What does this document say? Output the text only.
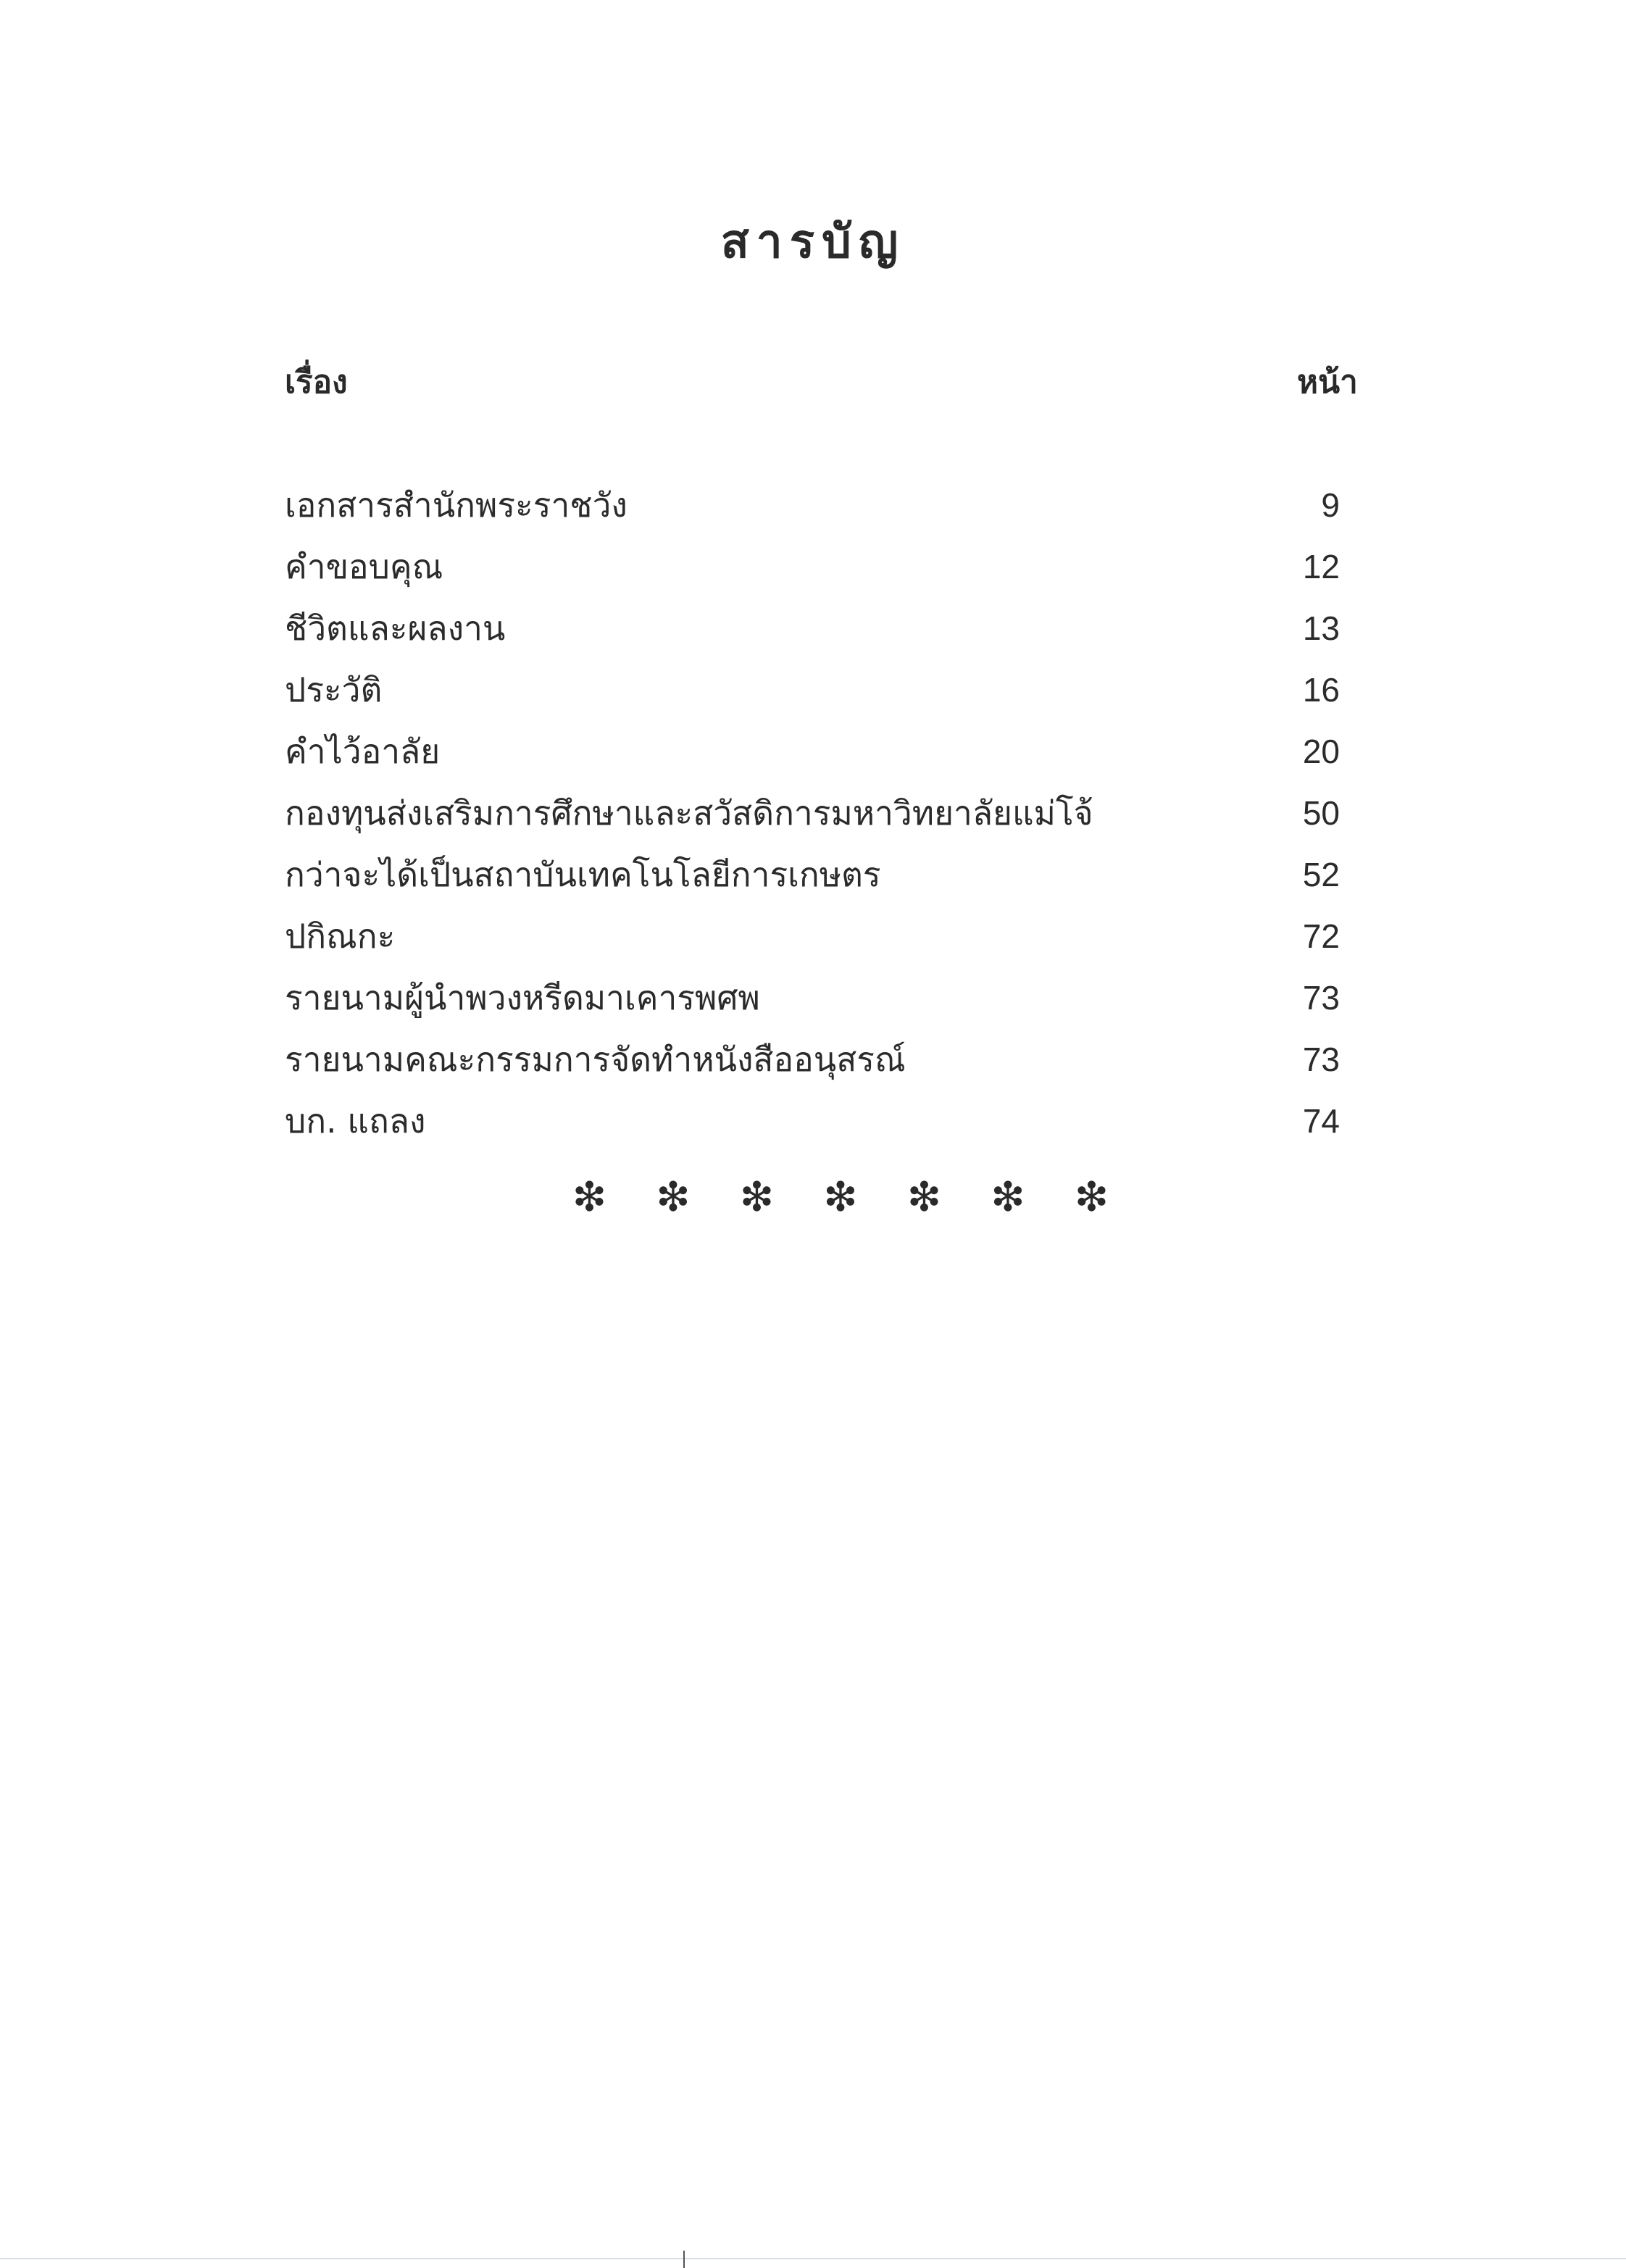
สารบัญ
เรื่อง	หน้า
เอกสารสำนักพระราชวัง	9
คำขอบคุณ	12
ชีวิตและผลงาน	13
ประวัติ	16
คำไว้อาลัย	20
กองทุนส่งเสริมการศึกษาและสวัสดิการมหาวิทยาลัยแม่โจ้	50
กว่าจะได้เป็นสถาบันเทคโนโลยีการเกษตร	52
ปกิณกะ	72
รายนามผู้นำพวงหรีดมาเคารพศพ	73
รายนามคณะกรรมการจัดทำหนังสืออนุสรณ์	73
บก. แถลง	74
❇ ❇ ❇ ❇ ❇ ❇ ❇
